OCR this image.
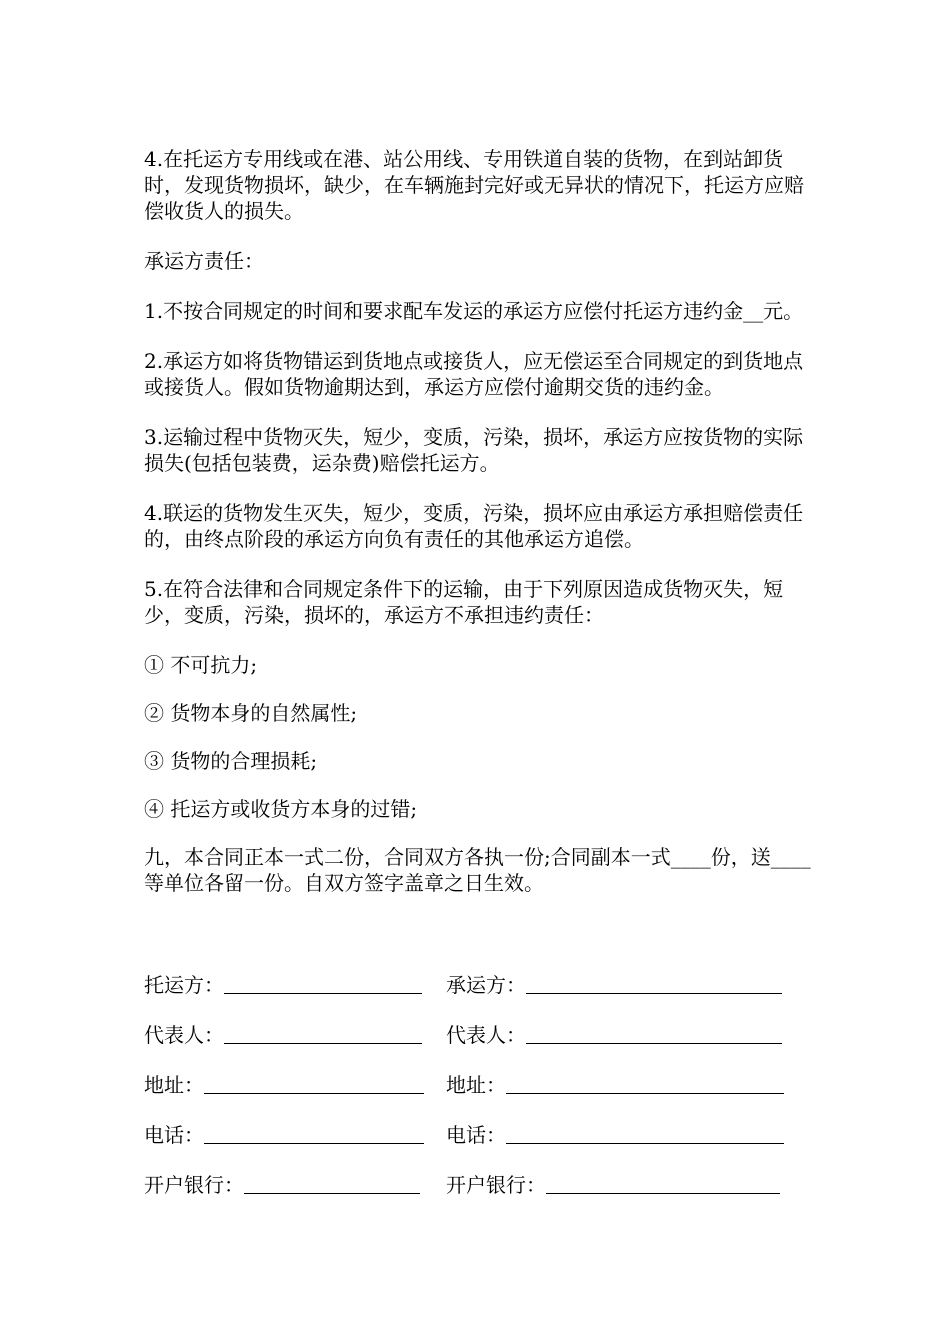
4.在托运方专用线或在港、站公用线、专用铁道自装的货物，在到站卸货时，发现货物损坏，缺少，在车辆施封完好或无异状的情况下，托运方应赔偿收货人的损失。

承运方责任：

1.不按合同规定的时间和要求配车发运的承运方应偿付托运方违约金__元。

2.承运方如将货物错运到货地点或接货人，应无偿运至合同规定的到货地点或接货人。假如货物逾期达到，承运方应偿付逾期交货的违约金。

3.运输过程中货物灭失，短少，变质，污染，损坏，承运方应按货物的实际损失(包括包装费，运杂费)赔偿托运方。

4.联运的货物发生灭失，短少，变质，污染，损坏应由承运方承担赔偿责任的，由终点阶段的承运方向负有责任的其他承运方追偿。

5.在符合法律和合同规定条件下的运输，由于下列原因造成货物灭失，短少，变质，污染，损坏的，承运方不承担违约责任：

① 不可抗力;

② 货物本身的自然属性;

③ 货物的合理损耗;

④ 托运方或收货方本身的过错;

九，本合同正本一式二份，合同双方各执一份;合同副本一式____份，送____等单位各留一份。自双方签字盖章之日生效。

托运方：	承运方：
代表人：	代表人：
地址：	地址：
电话：	电话：
开户银行：	开户银行：
